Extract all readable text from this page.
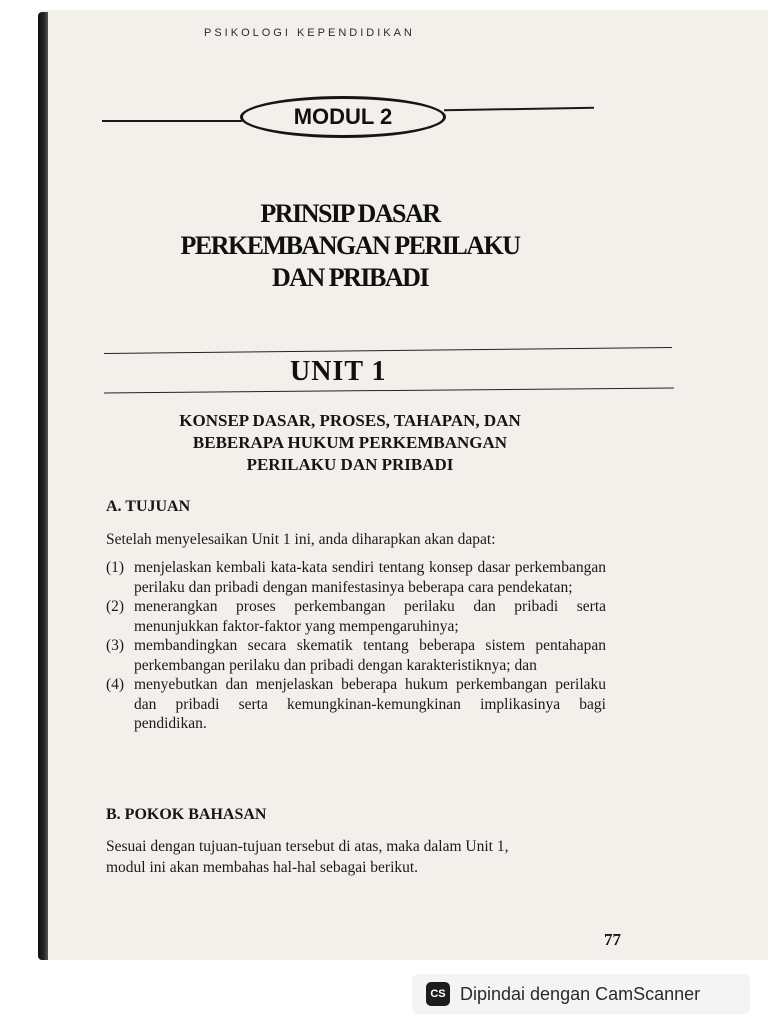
PSIKOLOGI KEPENDIDIKAN
MODUL 2
PRINSIP DASAR
PERKEMBANGAN PERILAKU
DAN PRIBADI
UNIT 1
KONSEP DASAR, PROSES, TAHAPAN, DAN
BEBERAPA HUKUM PERKEMBANGAN
PERILAKU DAN PRIBADI
A. TUJUAN
Setelah menyelesaikan Unit 1 ini, anda diharapkan akan dapat:
(1) menjelaskan kembali kata-kata sendiri tentang konsep dasar perkembangan perilaku dan pribadi dengan manifestasinya beberapa cara pendekatan;
(2) menerangkan proses perkembangan perilaku dan pribadi serta menunjukkan faktor-faktor yang mempengaruhinya;
(3) membandingkan secara skematik tentang beberapa sistem pentahapan perkembangan perilaku dan pribadi dengan karakteristiknya; dan
(4) menyebutkan dan menjelaskan beberapa hukum perkembangan perilaku dan pribadi serta kemungkinan-kemungkinan implikasinya bagi pendidikan.
B. POKOK BAHASAN
Sesuai dengan tujuan-tujuan tersebut di atas, maka dalam Unit 1,
modul ini akan membahas hal-hal sebagai berikut.
77
CS Dipindai dengan CamScanner
